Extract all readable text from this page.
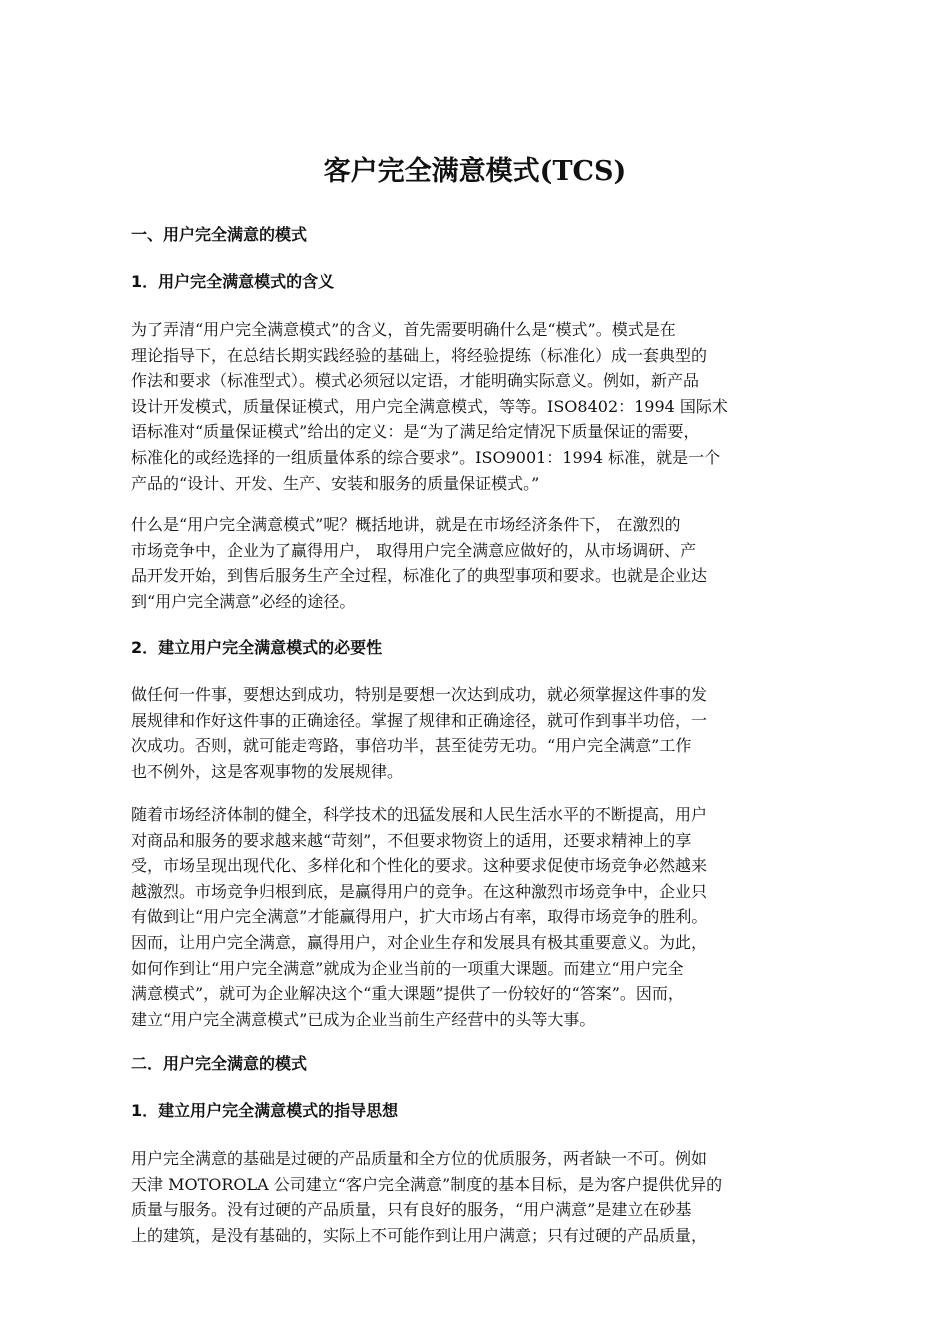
客户完全满意模式(TCS)
一、用户完全满意的模式
1．用户完全满意模式的含义
为了弄清“用户完全满意模式”的含义，首先需要明确什么是“模式”。模式是在
理论指导下，在总结长期实践经验的基础上，将经验提练（标准化）成一套典型的
作法和要求（标准型式）。模式必须冠以定语，才能明确实际意义。例如，新产品
设计开发模式，质量保证模式，用户完全满意模式，等等。ISO8402：1994 国际术
语标准对“质量保证模式”给出的定义：是“为了满足给定情况下质量保证的需要，
标准化的或经选择的一组质量体系的综合要求”。ISO9001：1994 标准，就是一个
产品的“设计、开发、生产、安装和服务的质量保证模式。”
什么是“用户完全满意模式”呢？概括地讲，就是在市场经济条件下， 在激烈的
市场竞争中，企业为了赢得用户， 取得用户完全满意应做好的，从市场调研、产
品开发开始，到售后服务生产全过程，标准化了的典型事项和要求。也就是企业达
到“用户完全满意”必经的途径。
2．建立用户完全满意模式的必要性
做任何一件事，要想达到成功，特别是要想一次达到成功，就必须掌握这件事的发
展规律和作好这件事的正确途径。掌握了规律和正确途径，就可作到事半功倍，一
次成功。否则，就可能走弯路，事倍功半，甚至徒劳无功。“用户完全满意”工作
也不例外，这是客观事物的发展规律。
随着市场经济体制的健全，科学技术的迅猛发展和人民生活水平的不断提高，用户
对商品和服务的要求越来越“苛刻”，不但要求物资上的适用，还要求精神上的享
受，市场呈现出现代化、多样化和个性化的要求。这种要求促使市场竞争必然越来
越激烈。市场竞争归根到底，是赢得用户的竞争。在这种激烈市场竞争中，企业只
有做到让“用户完全满意”才能赢得用户，扩大市场占有率，取得市场竞争的胜利。
因而，让用户完全满意，赢得用户，对企业生存和发展具有极其重要意义。为此，
如何作到让“用户完全满意”就成为企业当前的一项重大课题。而建立“用户完全
满意模式”，就可为企业解决这个“重大课题”提供了一份较好的“答案”。因而，
建立“用户完全满意模式”已成为企业当前生产经营中的头等大事。
二．用户完全满意的模式
1．建立用户完全满意模式的指导思想
用户完全满意的基础是过硬的产品质量和全方位的优质服务，两者缺一不可。例如
天津 MOTOROLA 公司建立“客户完全满意”制度的基本目标，是为客户提供优异的
质量与服务。没有过硬的产品质量，只有良好的服务，“用户满意”是建立在砂基
上的建筑，是没有基础的，实际上不可能作到让用户满意；只有过硬的产品质量，
